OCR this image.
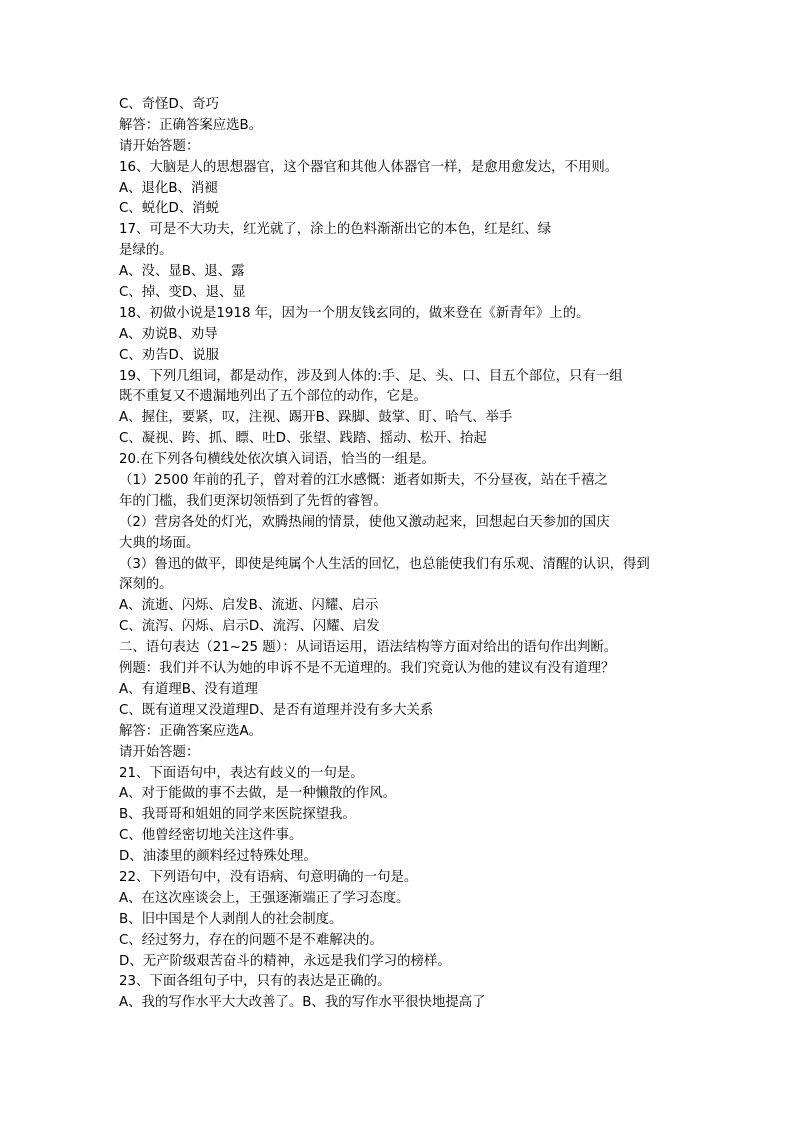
C、奇怪D、奇巧
解答：正确答案应选B。
请开始答题：
16、大脑是人的思想器官，这个器官和其他人体器官一样，是愈用愈发达，不用则。
A、退化B、消褪
C、蜕化D、消蜕
17、可是不大功夫，红光就了，涂上的色料渐渐出它的本色，红是红、绿
是绿的。
A、没、显B、退、露
C、掉、变D、退、显
18、初做小说是1918 年，因为一个朋友钱玄同的，做来登在《新青年》上的。
A、劝说B、劝导
C、劝告D、说服
19、下列几组词，都是动作，涉及到人体的:手、足、头、口、目五个部位，只有一组
既不重复又不遗漏地列出了五个部位的动作，它是。
A、握住，要紧，叹，注视、踢开B、跺脚、鼓掌、盯、哈气、举手
C、凝视、跨、抓、瞟、吐D、张望、践踏、摇动、松开、抬起
20.在下列各句横线处依次填入词语，恰当的一组是。
（1）2500 年前的孔子，曾对着的江水感慨：逝者如斯夫，不分昼夜，站在千禧之
年的门槛，我们更深切领悟到了先哲的睿智。
（2）营房各处的灯光，欢腾热闹的情景，使他又激动起来，回想起白天参加的国庆
大典的场面。
（3）鲁迅的做平，即使是纯属个人生活的回忆，也总能使我们有乐观、清醒的认识，得到
深刻的。
A、流逝、闪烁、启发B、流逝、闪耀、启示
C、流泻、闪烁、启示D、流泻、闪耀、启发
二、语句表达（21~25 题）：从词语运用，语法结构等方面对给出的语句作出判断。
例题：我们并不认为她的申诉不是不无道理的。我们究竟认为他的建议有没有道理？
A、有道理B、没有道理
C、既有道理又没道理D、是否有道理并没有多大关系
解答：正确答案应选A。
请开始答题：
21、下面语句中，表达有歧义的一句是。
A、对于能做的事不去做，是一种懒散的作风。
B、我哥哥和姐姐的同学来医院探望我。
C、他曾经密切地关注这件事。
D、油漆里的颜料经过特殊处理。
22、下列语句中，没有语病、句意明确的一句是。
A、在这次座谈会上，王强逐渐端正了学习态度。
B、旧中国是个人剥削人的社会制度。
C、经过努力，存在的问题不是不难解决的。
D、无产阶级艰苦奋斗的精神，永远是我们学习的榜样。
23、下面各组句子中，只有的表达是正确的。
A、我的写作水平大大改善了。B、我的写作水平很快地提高了
